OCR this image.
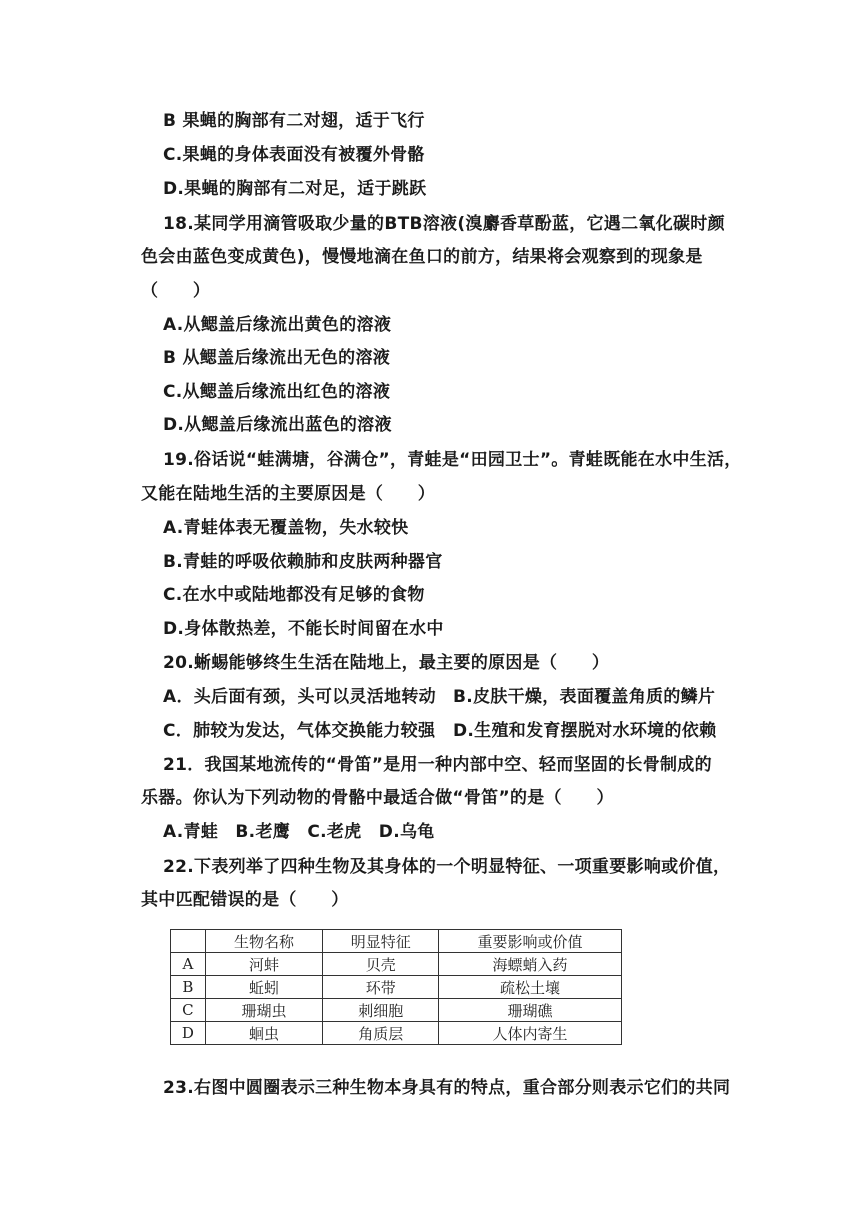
B 果蝇的胸部有二对翅，适于飞行
C.果蝇的身体表面没有被覆外骨骼
D.果蝇的胸部有二对足，适于跳跃
18.某同学用滴管吸取少量的BTB溶液(溴麝香草酚蓝，它遇二氧化碳时颜
色会由蓝色变成黄色)，慢慢地滴在鱼口的前方，结果将会观察到的现象是
（　　）
A.从鳃盖后缘流出黄色的溶液
B 从鳃盖后缘流出无色的溶液
C.从鳃盖后缘流出红色的溶液
D.从鳃盖后缘流出蓝色的溶液
19.俗话说“蛙满塘，谷满仓”，青蛙是“田园卫士”。青蛙既能在水中生活，
又能在陆地生活的主要原因是（　　）
A.青蛙体表无覆盖物，失水较快
B.青蛙的呼吸依赖肺和皮肤两种器官
C.在水中或陆地都没有足够的食物
D.身体散热差，不能长时间留在水中
20.蜥蜴能够终生生活在陆地上，最主要的原因是（　　）
A．头后面有颈，头可以灵活地转动 B.皮肤干燥，表面覆盖角质的鳞片
C．肺较为发达，气体交换能力较强 D.生殖和发育摆脱对水环境的依赖
21．我国某地流传的“骨笛”是用一种内部中空、轻而坚固的长骨制成的
乐器。你认为下列动物的骨骼中最适合做“骨笛”的是（　　）
A.青蛙　B.老鹰　C.老虎　D.乌龟
22.下表列举了四种生物及其身体的一个明显特征、一项重要影响或价值，
其中匹配错误的是（　　）
	生物名称	明显特征	重要影响或价值
A	河蚌	贝壳	海螵蛸入药
B	蚯蚓	环带	疏松土壤
C	珊瑚虫	刺细胞	珊瑚礁
D	蛔虫	角质层	人体内寄生
23.右图中圆圈表示三种生物本身具有的特点，重合部分则表示它们的共同
